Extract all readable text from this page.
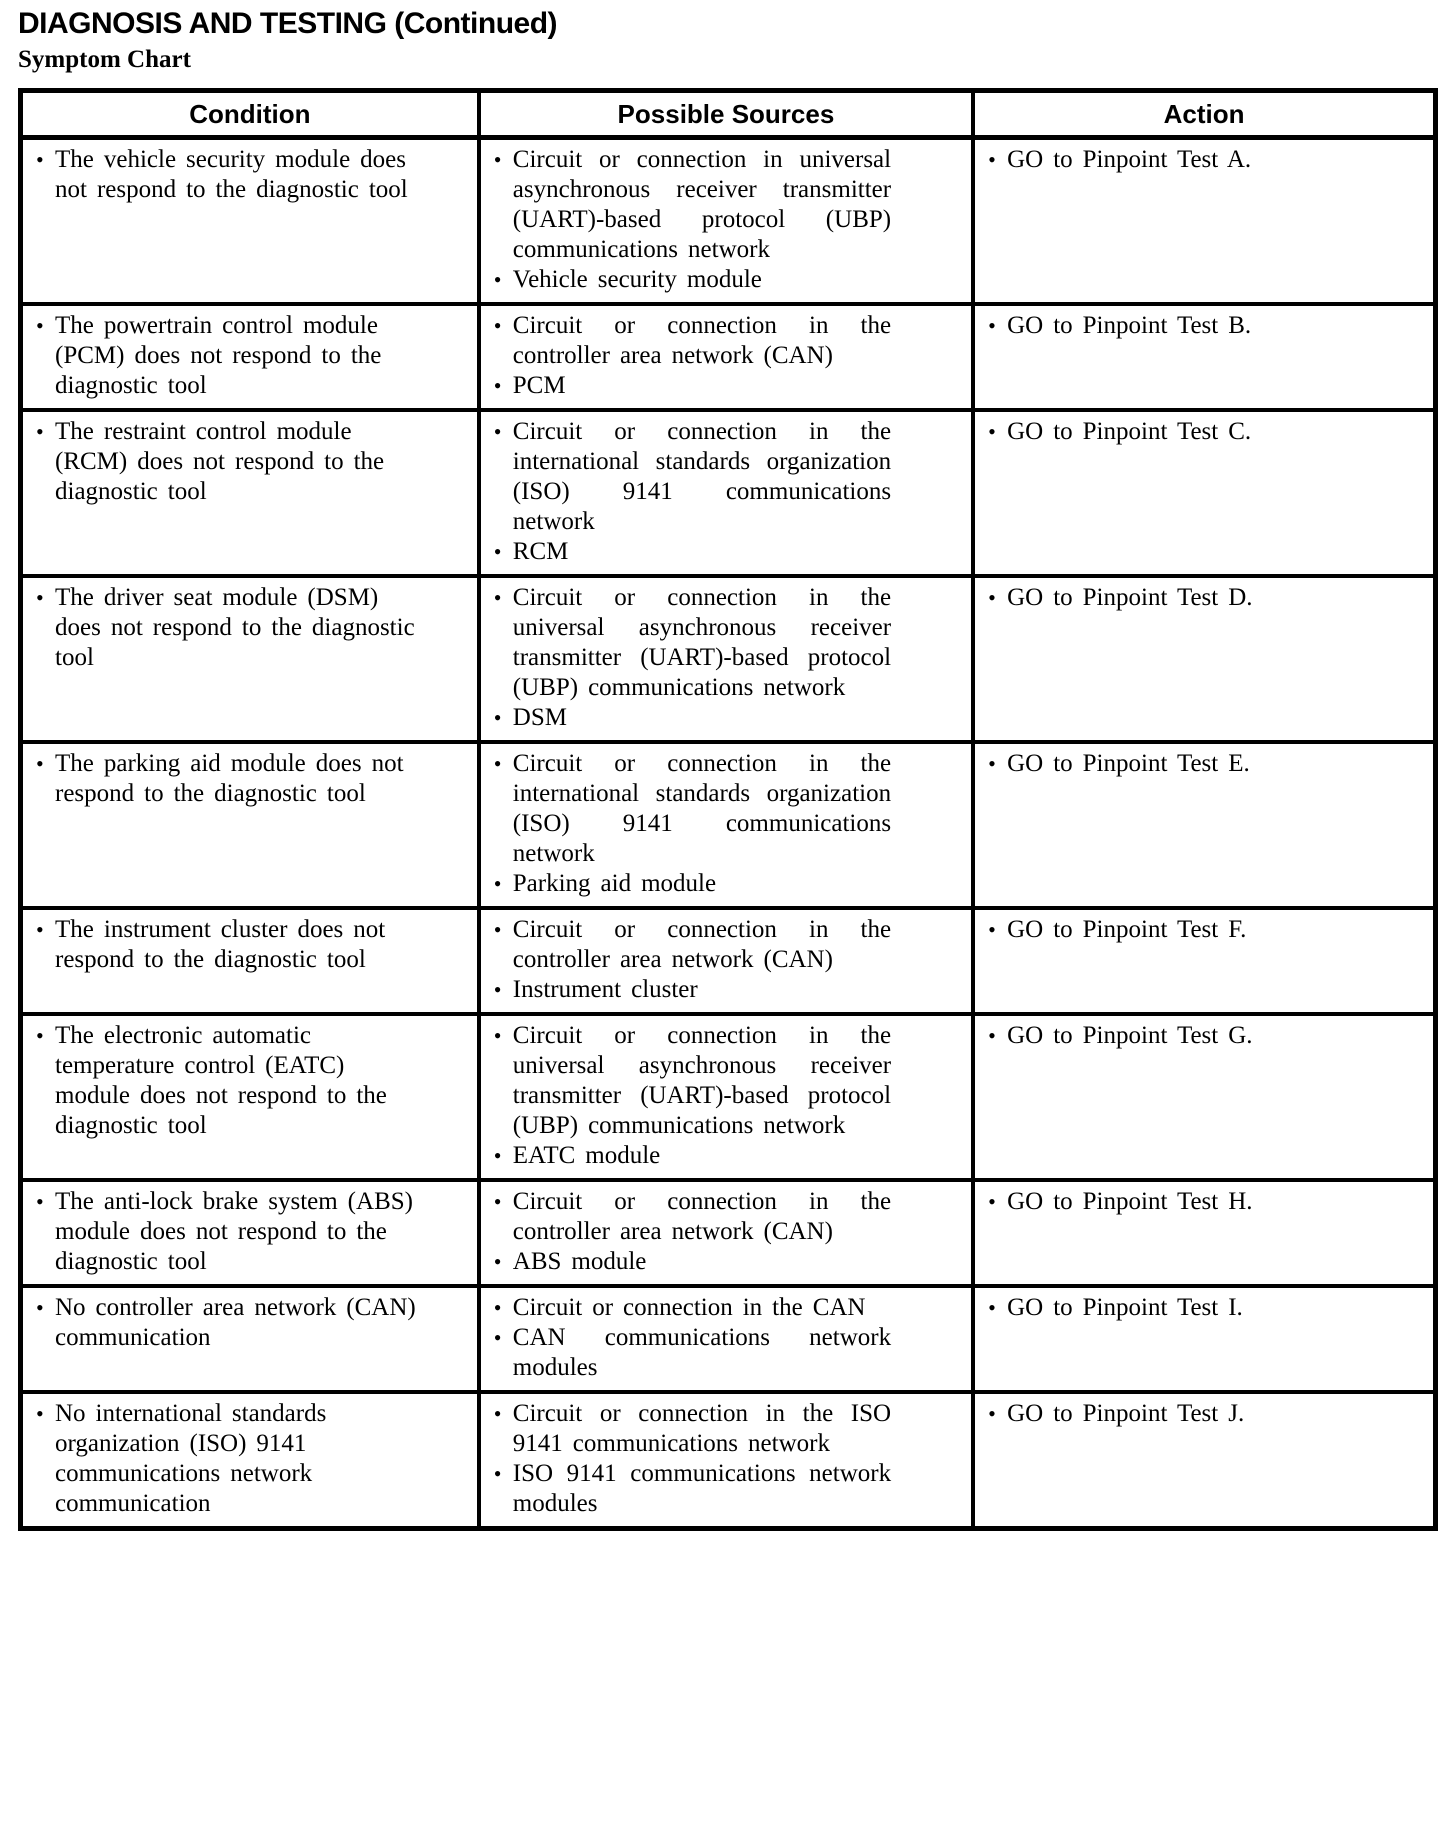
DIAGNOSIS AND TESTING (Continued)
Symptom Chart
Condition	Possible Sources	Action
• The vehicle security module does not respond to the diagnostic tool
• Circuit or connection in universal asynchronous receiver transmitter (UART)-based protocol (UBP) communications network
• Vehicle security module
• GO to Pinpoint Test A.
• The powertrain control module (PCM) does not respond to the diagnostic tool
• Circuit or connection in the controller area network (CAN)
• PCM
• GO to Pinpoint Test B.
• The restraint control module (RCM) does not respond to the diagnostic tool
• Circuit or connection in the international standards organization (ISO) 9141 communications network
• RCM
• GO to Pinpoint Test C.
• The driver seat module (DSM) does not respond to the diagnostic tool
• Circuit or connection in the universal asynchronous receiver transmitter (UART)-based protocol (UBP) communications network
• DSM
• GO to Pinpoint Test D.
• The parking aid module does not respond to the diagnostic tool
• Circuit or connection in the international standards organization (ISO) 9141 communications network
• Parking aid module
• GO to Pinpoint Test E.
• The instrument cluster does not respond to the diagnostic tool
• Circuit or connection in the controller area network (CAN)
• Instrument cluster
• GO to Pinpoint Test F.
• The electronic automatic temperature control (EATC) module does not respond to the diagnostic tool
• Circuit or connection in the universal asynchronous receiver transmitter (UART)-based protocol (UBP) communications network
• EATC module
• GO to Pinpoint Test G.
• The anti-lock brake system (ABS) module does not respond to the diagnostic tool
• Circuit or connection in the controller area network (CAN)
• ABS module
• GO to Pinpoint Test H.
• No controller area network (CAN) communication
• Circuit or connection in the CAN
• CAN communications network modules
• GO to Pinpoint Test I.
• No international standards organization (ISO) 9141 communications network communication
• Circuit or connection in the ISO 9141 communications network
• ISO 9141 communications network modules
• GO to Pinpoint Test J.
